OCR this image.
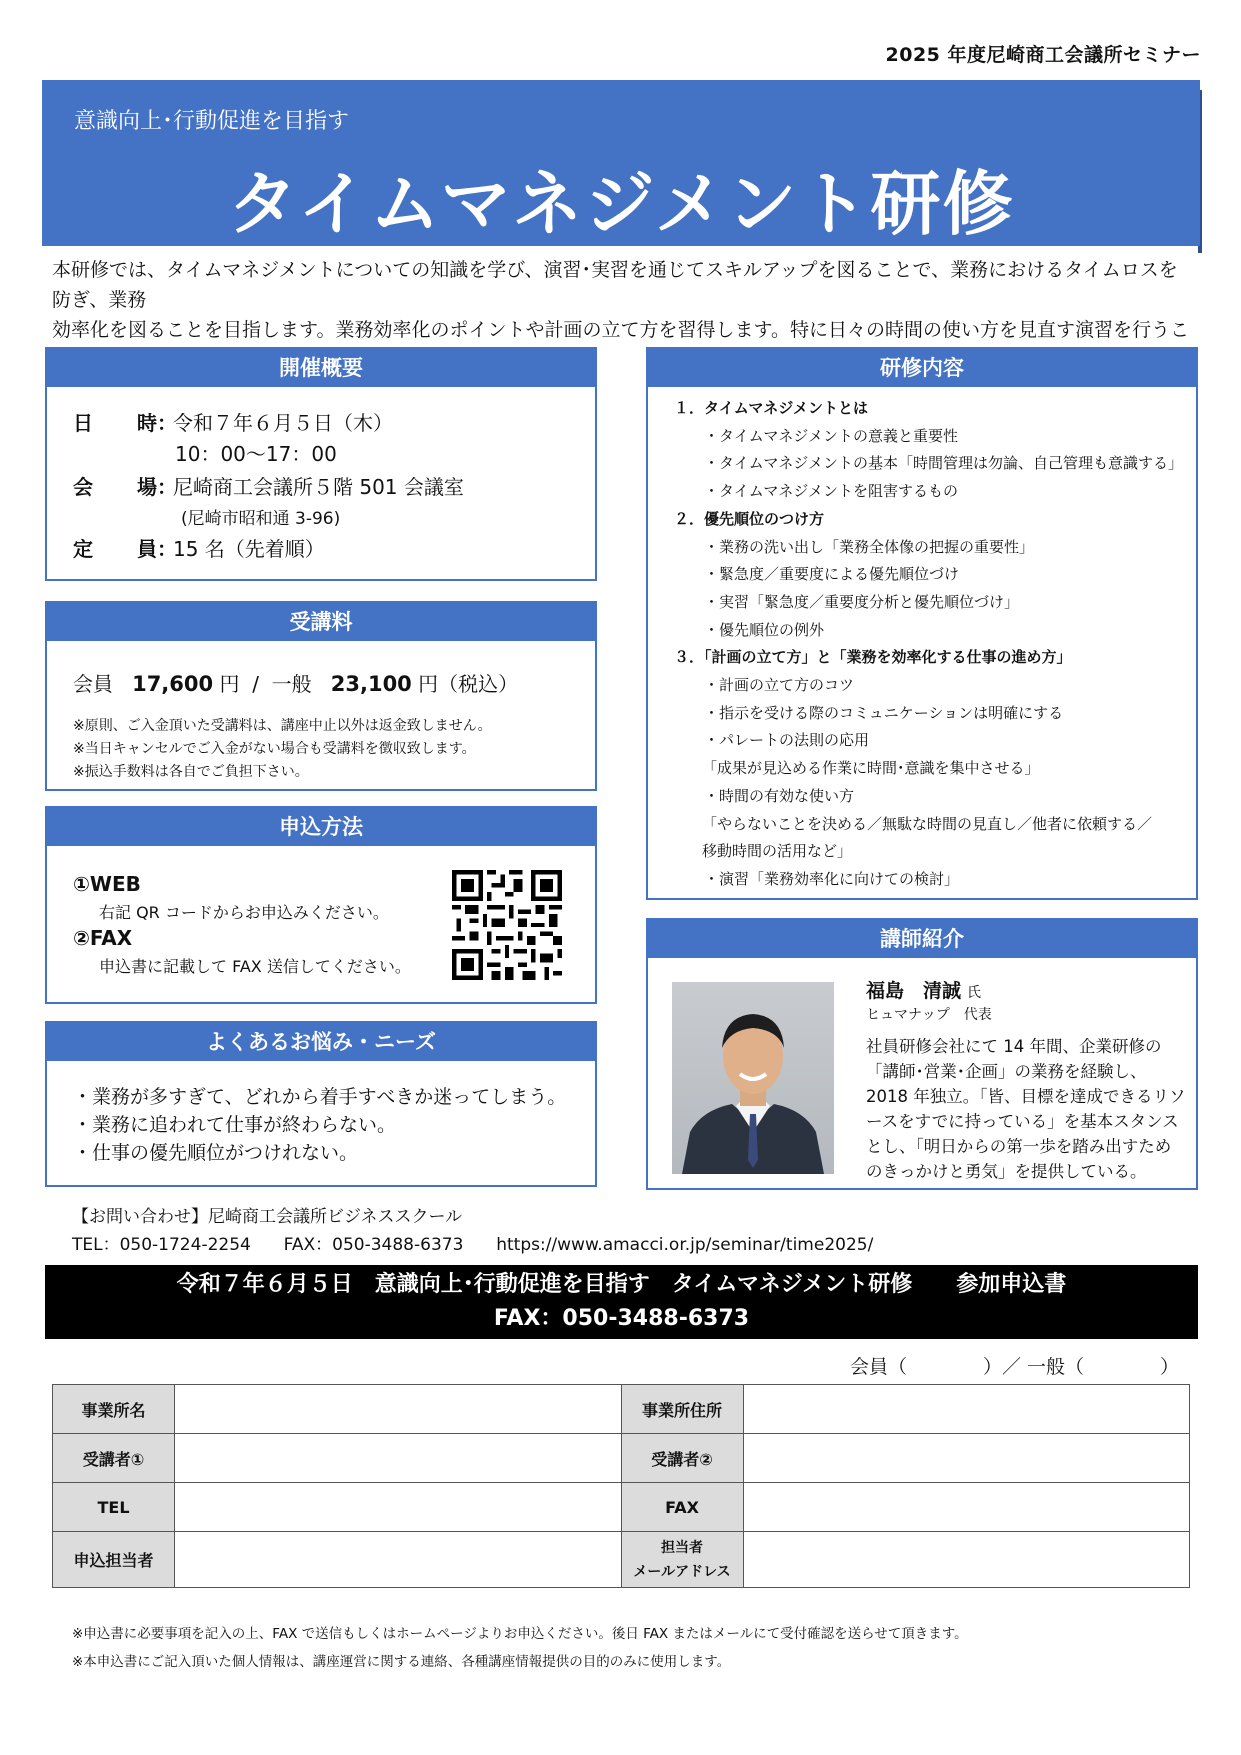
2025 年度尼崎商工会議所セミナー
意識向上･行動促進を目指す
タイムマネジメント研修
本研修では、タイムマネジメントについての知識を学び、演習･実習を通じてスキルアップを図ることで、業務におけるタイムロスを防ぎ、業務
効率化を図ることを目指します。業務効率化のポイントや計画の立て方を習得します。特に日々の時間の使い方を見直す演習を行うこ
開催概要
日 時：令和７年６月５日（木）
10：00〜17：00
会 場：尼崎商工会議所５階 501 会議室
(尼崎市昭和通 3-96)
定 員：15 名（先着順）
受講料
会員 17,600 円 / 一般 23,100 円（税込）
※原則、ご入金頂いた受講料は、講座中止以外は返金致しません。
※当日キャンセルでご入金がない場合も受講料を徴収致します。
※振込手数料は各自でご負担下さい。
申込方法
①WEB
右記 QR コードからお申込みください。
②FAX
申込書に記載して FAX 送信してください。
よくあるお悩み・ニーズ
・業務が多すぎて、どれから着手すべきか迷ってしまう。
・業務に追われて仕事が終わらない。
・仕事の優先順位がつけれない。
研修内容
１．タイムマネジメントとは
・タイムマネジメントの意義と重要性
・タイムマネジメントの基本「時間管理は勿論、自己管理も意識する」
・タイムマネジメントを阻害するもの
２．優先順位のつけ方
・業務の洗い出し「業務全体像の把握の重要性」
・緊急度／重要度による優先順位づけ
・実習「緊急度／重要度分析と優先順位づけ」
・優先順位の例外
３．「計画の立て方」と「業務を効率化する仕事の進め方」
・計画の立て方のコツ
・指示を受ける際のコミュニケーションは明確にする
・パレートの法則の応用
「成果が見込める作業に時間･意識を集中させる」
・時間の有効な使い方
「やらないことを決める／無駄な時間の見直し／他者に依頼する／
移動時間の活用など」
・演習「業務効率化に向けての検討」
講師紹介
福島　清誠 氏
ヒュマナップ　代表
社員研修会社にて 14 年間、企業研修の「講師･営業･企画」の業務を経験し、2018 年独立。「皆、目標を達成できるリソースをすでに持っている」を基本スタンスとし、「明日からの第一歩を踏み出すためのきっかけと勇気」を提供している。
【お問い合わせ】尼崎商工会議所ビジネススクール
TEL：050-1724-2254 FAX：050-3488-6373 https://www.amacci.or.jp/seminar/time2025/
令和７年６月５日　意識向上･行動促進を目指す　タイムマネジメント研修　　参加申込書
FAX：050-3488-6373
会員（　　　　）／ 一般（　　　　）
事業所名		事業所住所	
受講者①		受講者②	
TEL		FAX	
申込担当者		担当者
メールアドレス	

※申込書に必要事項を記入の上、FAX で送信もしくはホームページよりお申込ください。後日 FAX またはメールにて受付確認を送らせて頂きます。
※本申込書にご記入頂いた個人情報は、講座運営に関する連絡、各種講座情報提供の目的のみに使用します。
